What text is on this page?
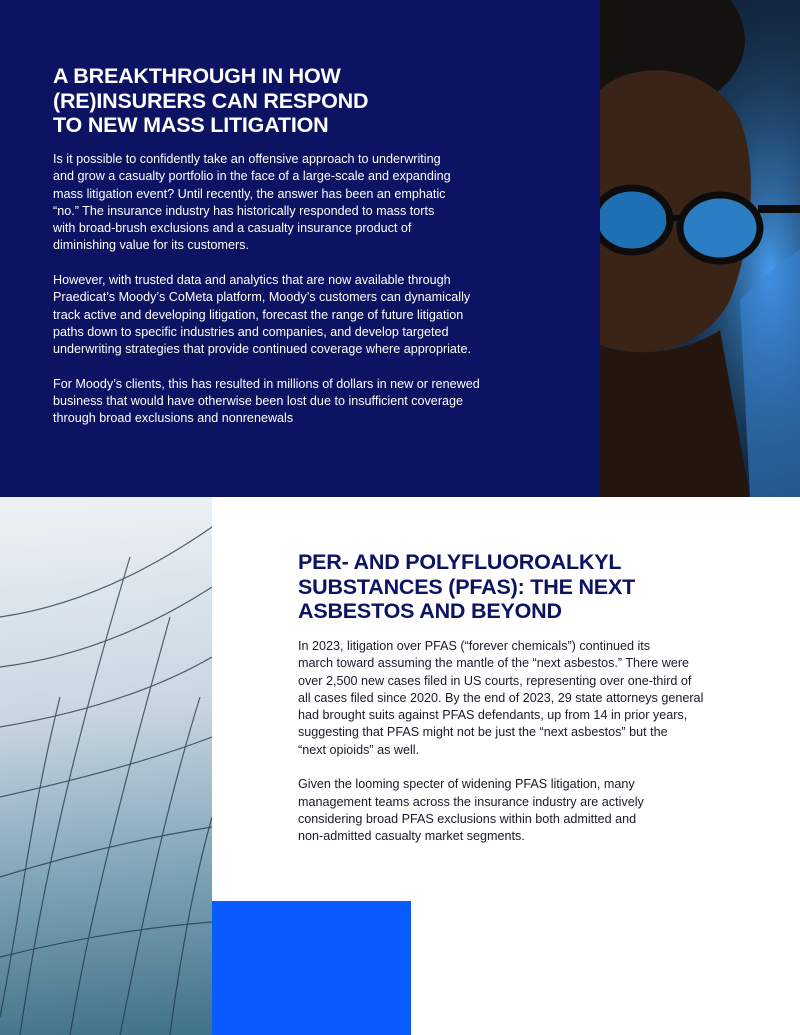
A BREAKTHROUGH IN HOW
(RE)INSURERS CAN RESPOND
TO NEW MASS LITIGATION

Is it possible to confidently take an offensive approach to underwriting
and grow a casualty portfolio in the face of a large-scale and expanding
mass litigation event? Until recently, the answer has been an emphatic
“no.” The insurance industry has historically responded to mass torts
with broad-brush exclusions and a casualty insurance product of
diminishing value for its customers.

However, with trusted data and analytics that are now available through
Praedicat’s Moody’s CoMeta platform, Moody’s customers can dynamically
track active and developing litigation, forecast the range of future litigation
paths down to specific industries and companies, and develop targeted
underwriting strategies that provide continued coverage where appropriate.

For Moody’s clients, this has resulted in millions of dollars in new or renewed
business that would have otherwise been lost due to insufficient coverage
through broad exclusions and nonrenewals

PER- AND POLYFLUOROALKYL
SUBSTANCES (PFAS): THE NEXT
ASBESTOS AND BEYOND

In 2023, litigation over PFAS (“forever chemicals”) continued its
march toward assuming the mantle of the “next asbestos.” There were
over 2,500 new cases filed in US courts, representing over one-third of
all cases filed since 2020. By the end of 2023, 29 state attorneys general
had brought suits against PFAS defendants, up from 14 in prior years,
suggesting that PFAS might not be just the “next asbestos” but the
“next opioids” as well.

Given the looming specter of widening PFAS litigation, many
management teams across the insurance industry are actively
considering broad PFAS exclusions within both admitted and
non-admitted casualty market segments.
